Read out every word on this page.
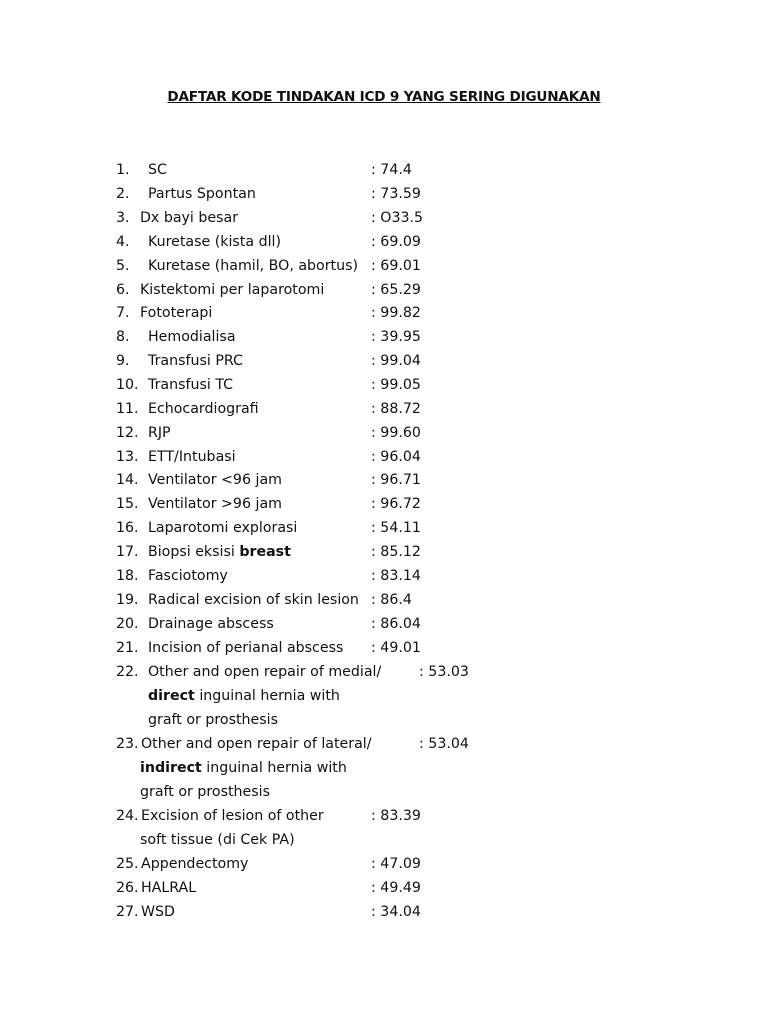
DAFTAR KODE TINDAKAN ICD 9 YANG SERING DIGUNAKAN
1. SC	: 74.4
2. Partus Spontan	: 73.59
3. Dx bayi besar	: O33.5
4. Kuretase (kista dll)	: 69.09
5. Kuretase (hamil, BO, abortus) : 69.01
6. Kistektomi per laparotomi	: 65.29
7. Fototerapi	: 99.82
8. Hemodialisa	: 39.95
9. Transfusi PRC	: 99.04
10. Transfusi TC	: 99.05
11. Echocardiografi	: 88.72
12. RJP	: 99.60
13. ETT/Intubasi	: 96.04
14. Ventilator <96 jam	: 96.71
15. Ventilator >96 jam	: 96.72
16. Laparotomi explorasi	: 54.11
17. Biopsi eksisi breast	: 85.12
18. Fasciotomy	: 83.14
19. Radical excision of skin lesion : 86.4
20. Drainage abscess	: 86.04
21. Incision of perianal abscess : 49.01
22. Other and open repair of medial/	: 53.03
direct inguinal hernia with
graft or prosthesis
23. Other and open repair of lateral/	: 53.04
indirect inguinal hernia with
graft or prosthesis
24. Excision of lesion of other	: 83.39
soft tissue (di Cek PA)
25. Appendectomy	: 47.09
26. HALRAL	: 49.49
27. WSD	: 34.04
